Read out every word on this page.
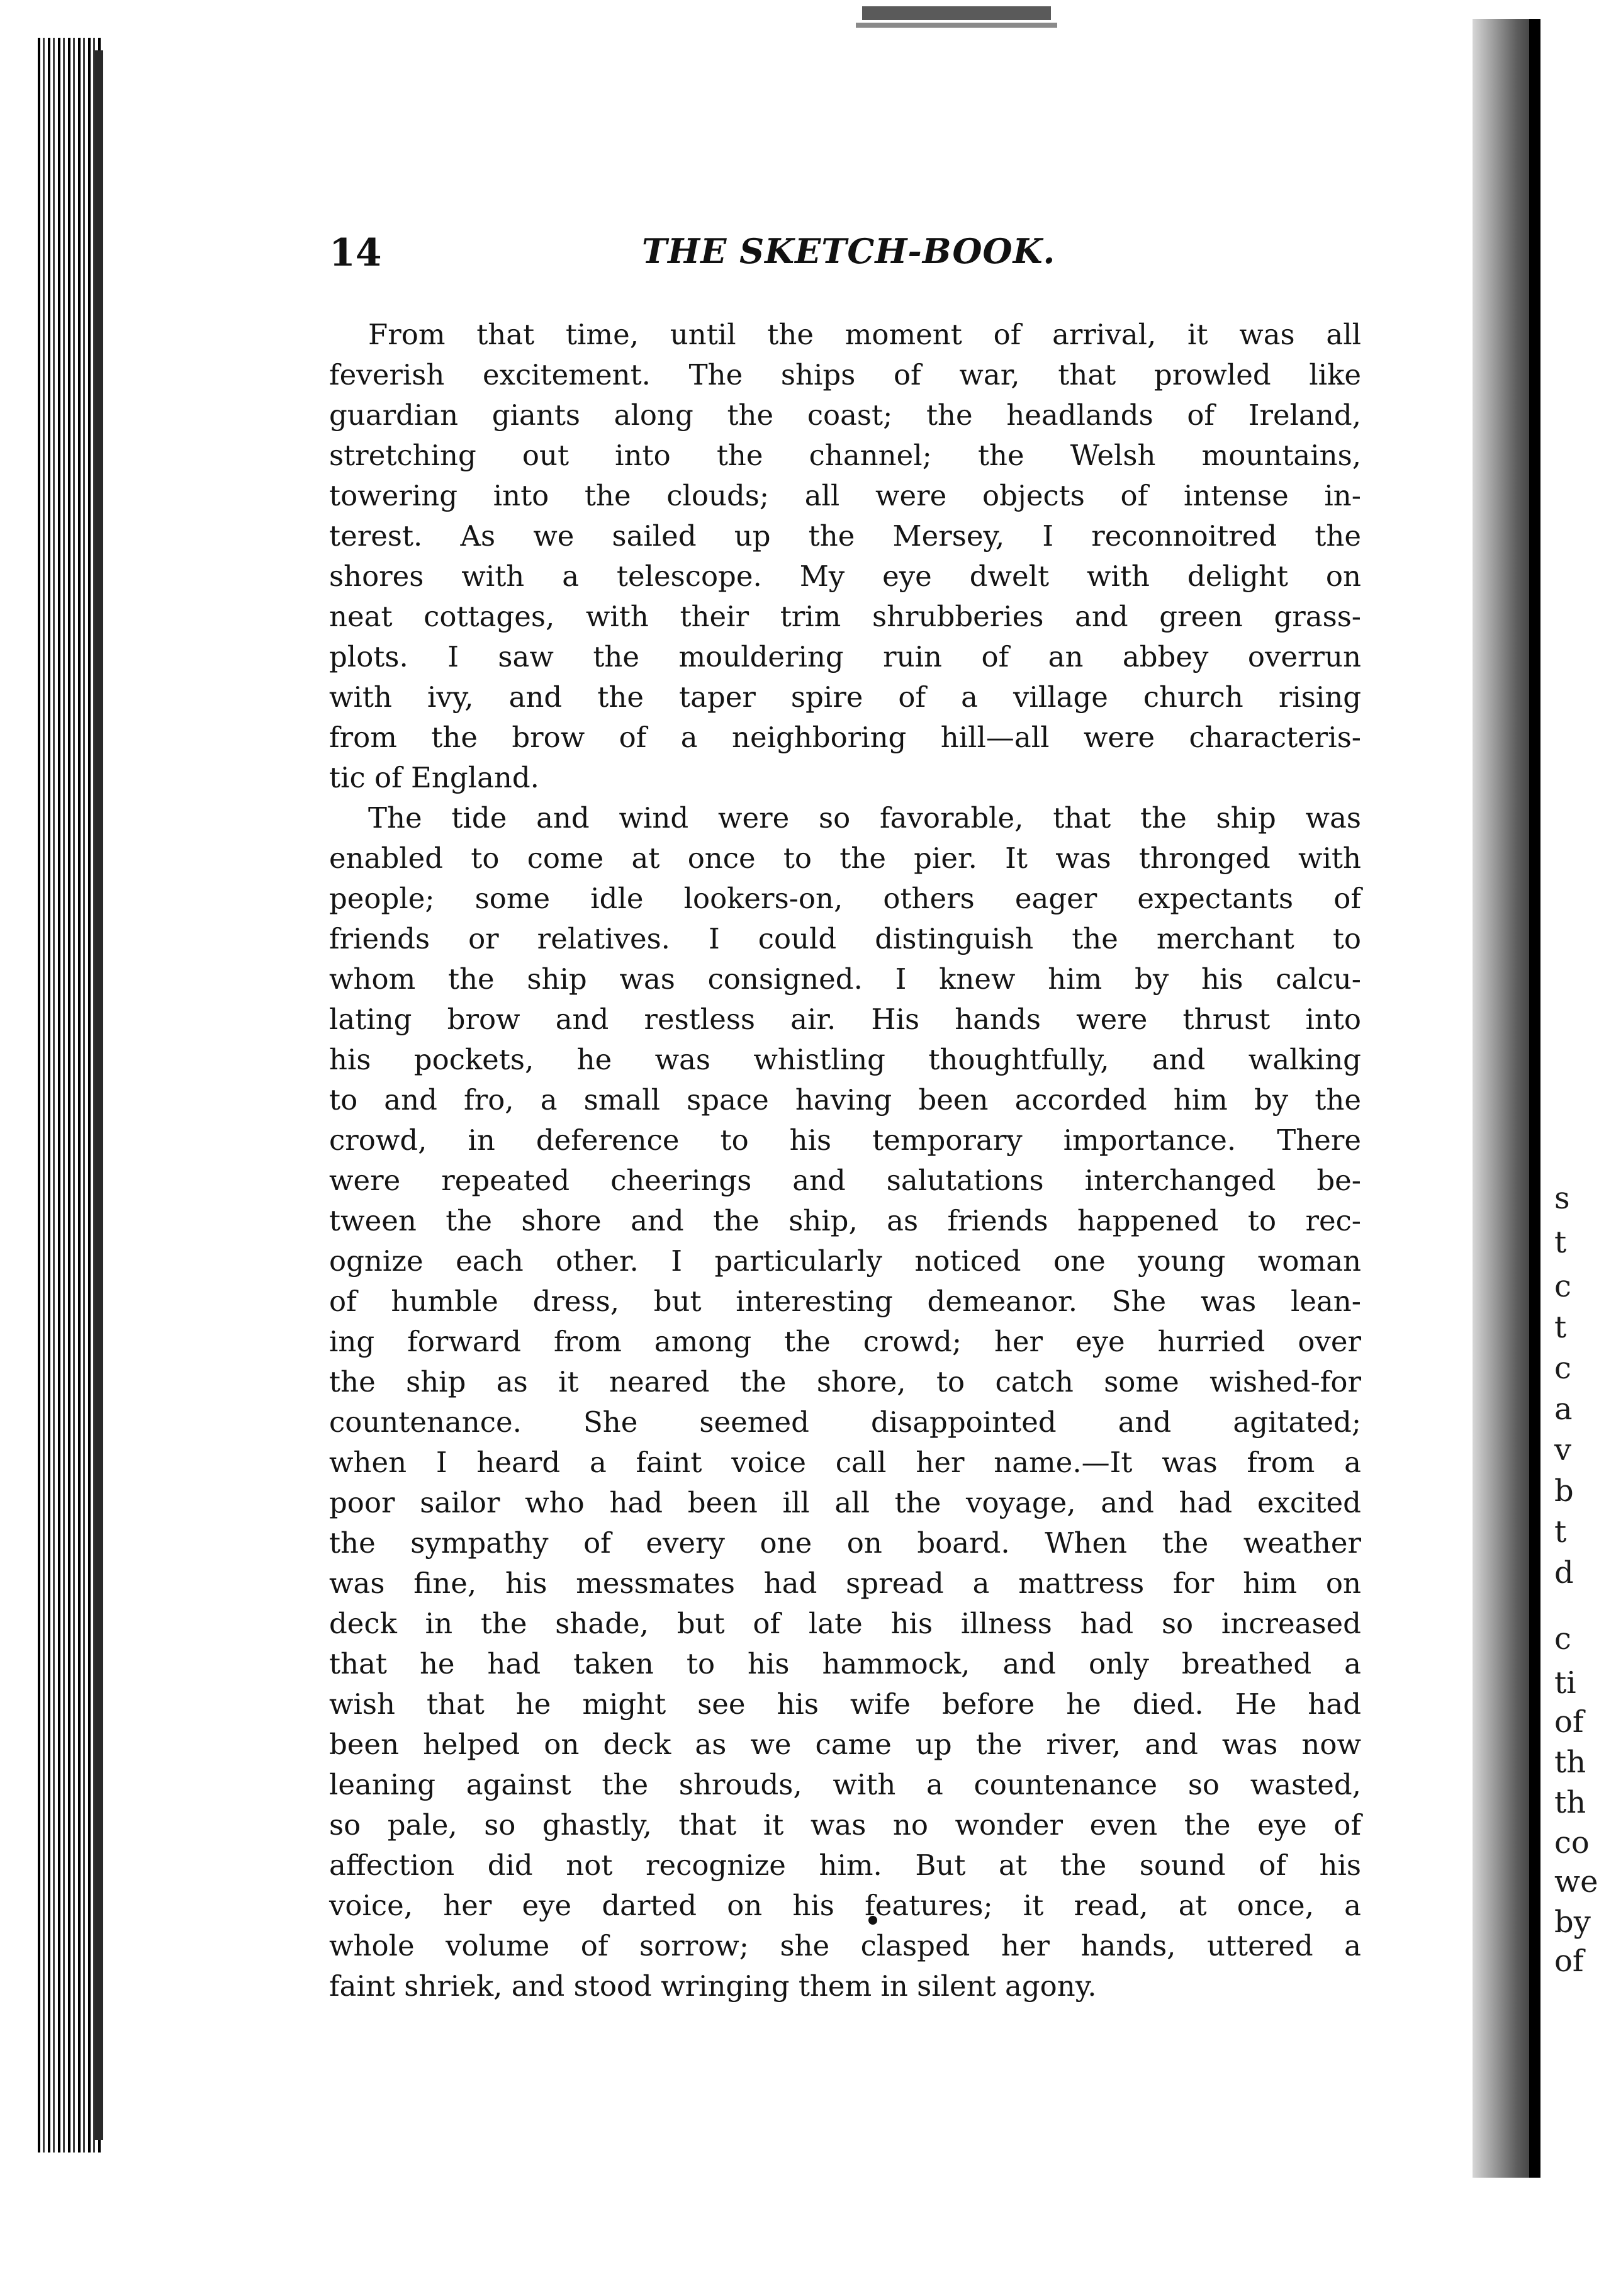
14	THE SKETCH-BOOK.
From that time, until the moment of arrival, it was all
feverish excitement. The ships of war, that prowled like
guardian giants along the coast; the headlands of Ireland,
stretching out into the channel; the Welsh mountains,
towering into the clouds; all were objects of intense in-
terest. As we sailed up the Mersey, I reconnoitred the
shores with a telescope. My eye dwelt with delight on
neat cottages, with their trim shrubberies and green grass-
plots. I saw the mouldering ruin of an abbey overrun
with ivy, and the taper spire of a village church rising
from the brow of a neighboring hill—all were characteris-
tic of England.
The tide and wind were so favorable, that the ship was
enabled to come at once to the pier. It was thronged with
people; some idle lookers-on, others eager expectants of
friends or relatives. I could distinguish the merchant to
whom the ship was consigned. I knew him by his calcu-
lating brow and restless air. His hands were thrust into
his pockets, he was whistling thoughtfully, and walking
to and fro, a small space having been accorded him by the
crowd, in deference to his temporary importance. There
were repeated cheerings and salutations interchanged be-
tween the shore and the ship, as friends happened to rec-
ognize each other. I particularly noticed one young woman
of humble dress, but interesting demeanor. She was lean-
ing forward from among the crowd; her eye hurried over
the ship as it neared the shore, to catch some wished-for
countenance. She seemed disappointed and agitated;
when I heard a faint voice call her name.—It was from a
poor sailor who had been ill all the voyage, and had excited
the sympathy of every one on board. When the weather
was fine, his messmates had spread a mattress for him on
deck in the shade, but of late his illness had so increased
that he had taken to his hammock, and only breathed a
wish that he might see his wife before he died. He had
been helped on deck as we came up the river, and was now
leaning against the shrouds, with a countenance so wasted,
so pale, so ghastly, that it was no wonder even the eye of
affection did not recognize him. But at the sound of his
voice, her eye darted on his features; it read, at once, a
whole volume of sorrow; she clasped her hands, uttered a
faint shriek, and stood wringing them in silent agony.
s
t
c
t
c
a
v
b
t
d
c
ti
of
th
th
co
we
by
of
